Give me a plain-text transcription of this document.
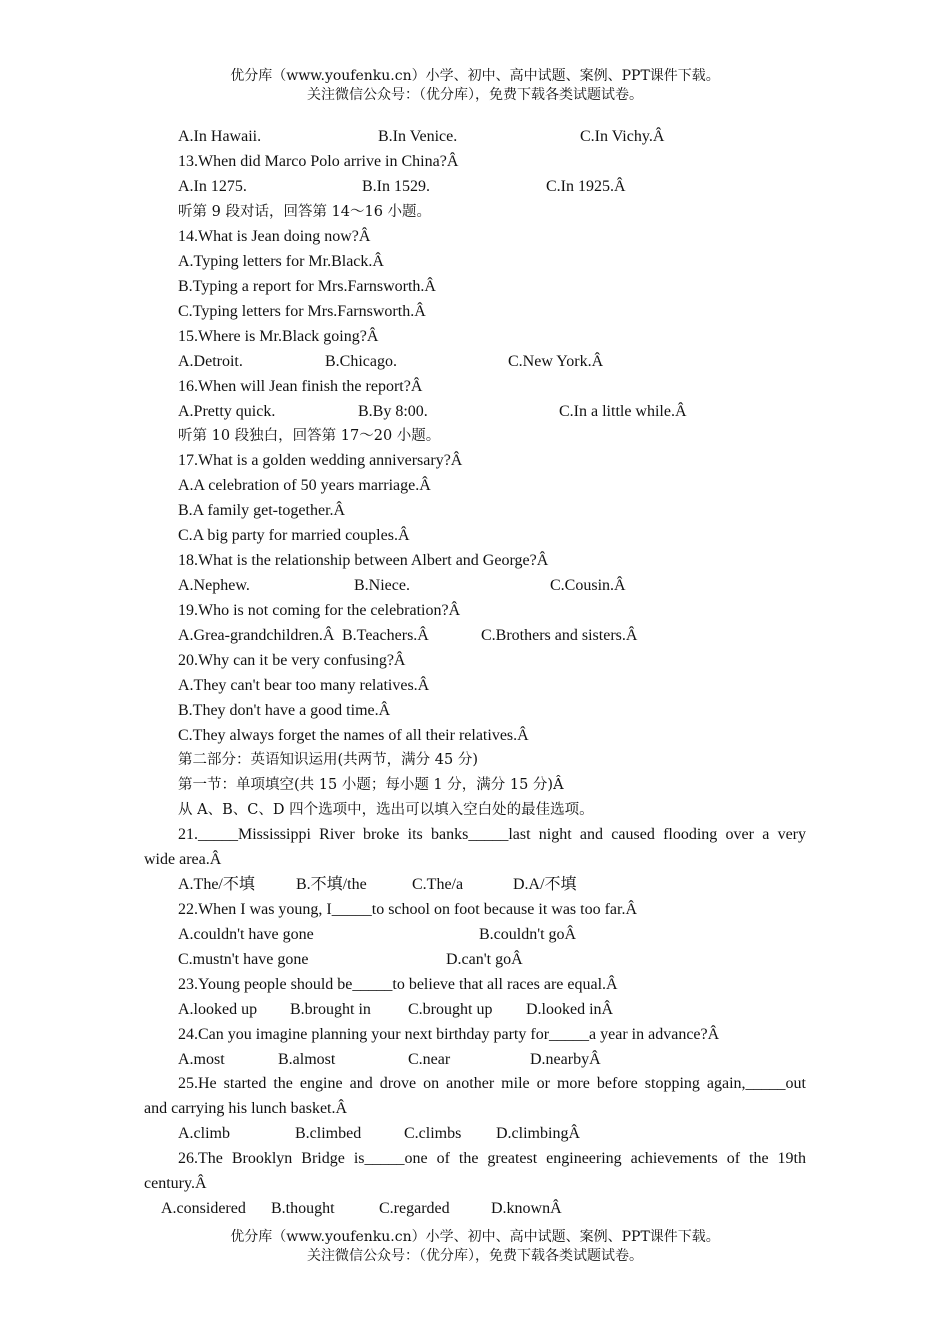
优分库（www.youfenku.cn）小学、初中、高中试题、案例、PPT课件下载。
关注微信公众号：（优分库），免费下载各类试题试卷。
A.In Hawaii.	B.In Venice.	C.In Vichy.Â
13.When did Marco Polo arrive in China?Â
A.In 1275.	B.In 1529.	C.In 1925.Â
听第 9 段对话，回答第 14～16 小题。
14.What is Jean doing now?Â
A.Typing letters for Mr.Black.Â
B.Typing a report for Mrs.Farnsworth.Â
C.Typing letters for Mrs.Farnsworth.Â
15.Where is Mr.Black going?Â
A.Detroit.	B.Chicago.	C.New York.Â
16.When will Jean finish the report?Â
A.Pretty quick.	B.By 8:00.	C.In a little while.Â
听第 10 段独白，回答第 17～20 小题。
17.What is a golden wedding anniversary?Â
A.A celebration of 50 years marriage.Â
B.A family get-together.Â
C.A big party for married couples.Â
18.What is the relationship between Albert and George?Â
A.Nephew.	B.Niece.	C.Cousin.Â
19.Who is not coming for the celebration?Â
A.Grea-grandchildren.Â B.Teachers.Â	C.Brothers and sisters.Â
20.Why can it be very confusing?Â
A.They can't bear too many relatives.Â
B.They don't have a good time.Â
C.They always forget the names of all their relatives.Â
第二部分：英语知识运用(共两节，满分 45 分)
第一节：单项填空(共 15 小题；每小题 1 分，满分 15 分)Â
从 A、B、C、D 四个选项中，选出可以填入空白处的最佳选项。
21._____Mississippi River broke its banks_____last night and caused flooding over a very
wide area.Â
A.The/不填	B.不填/the	C.The/a	D.A/不填
22.When I was young, I_____to school on foot because it was too far.Â
A.couldn't have gone	B.couldn't goÂ
C.mustn't have gone	D.can't goÂ
23.Young people should be_____to believe that all races are equal.Â
A.looked up B.brought in C.brought up D.looked inÂ
24.Can you imagine planning your next birthday party for_____a year in advance?Â
A.most	B.almost	C.near	D.nearbyÂ
25.He started the engine and drove on another mile or more before stopping again,_____out
and carrying his lunch basket.Â
A.climb	B.climbed	C.climbs D.climbingÂ
26.The Brooklyn Bridge is_____one of the greatest engineering achievements of the 19th
century.Â
A.considered B.thought	C.regarded	D.knownÂ
优分库（www.youfenku.cn）小学、初中、高中试题、案例、PPT课件下载。
关注微信公众号：（优分库），免费下载各类试题试卷。
